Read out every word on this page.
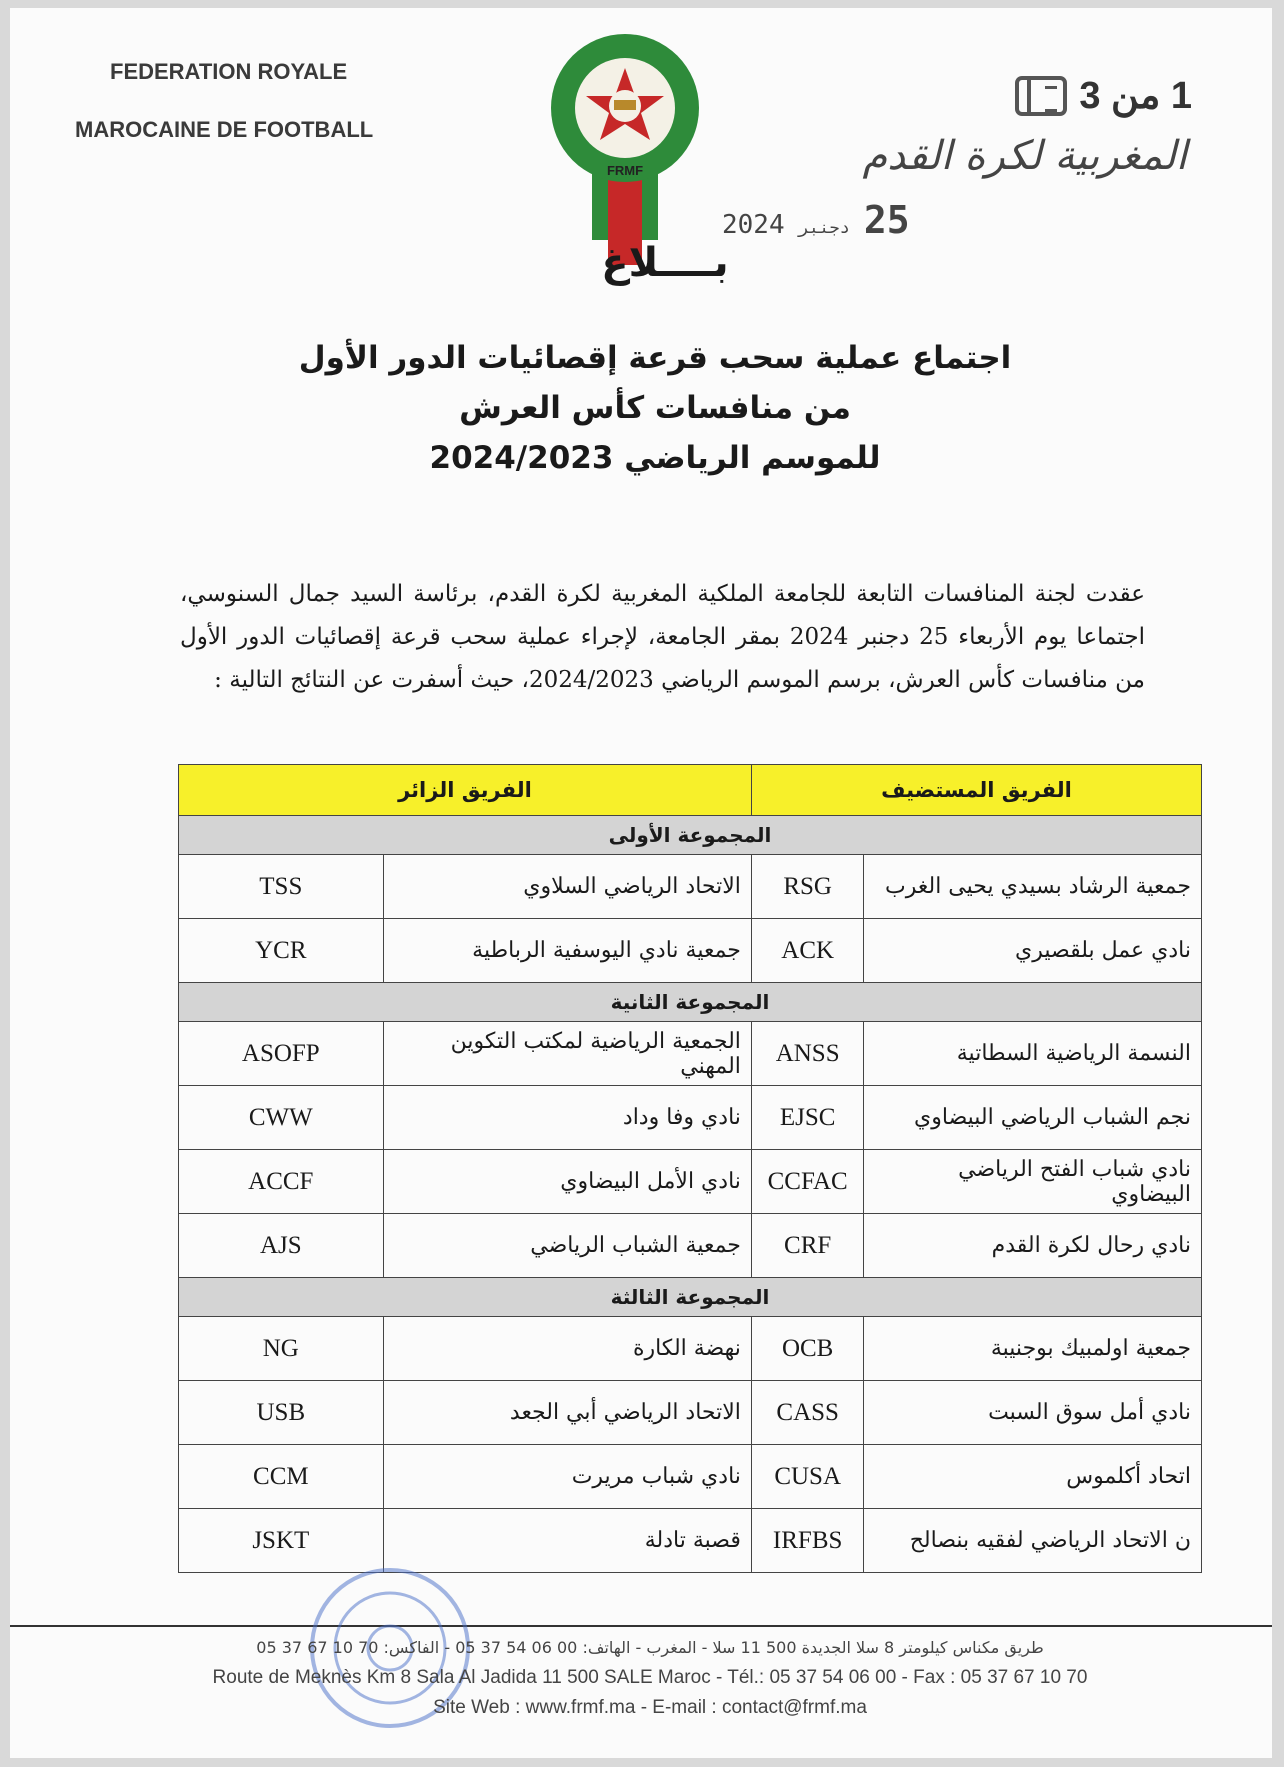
FEDERATION ROYALE
MAROCAINE DE FOOTBALL
FRMF
1 من 3
المغربية لكرة القدم
25
دجنبر
2024
بــــلاغ
اجتماع عملية سحب قرعة إقصائيات الدور الأول
من منافسات كأس العرش
للموسم الرياضي 2024/2023
عقدت لجنة المنافسات التابعة للجامعة الملكية المغربية لكرة القدم، برئاسة السيد جمال السنوسي، اجتماعا يوم الأربعاء 25 دجنبر 2024 بمقر الجامعة، لإجراء عملية سحب قرعة إقصائيات الدور الأول من منافسات كأس العرش، برسم الموسم الرياضي 2024/2023، حيث أسفرت عن النتائج التالية :
الفريق المستضيف		الفريق الزائر	
المجموعة الأولى			
جمعية الرشاد بسيدي يحيى الغرب	RSG	الاتحاد الرياضي السلاوي	TSS
نادي عمل بلقصيري	ACK	جمعية نادي اليوسفية الرباطية	YCR
المجموعة الثانية			
النسمة الرياضية السطاتية	ANSS	الجمعية الرياضية لمكتب التكوين المهني	ASOFP
نجم الشباب الرياضي البيضاوي	EJSC	نادي وفا وداد	CWW
نادي شباب الفتح الرياضي البيضاوي	CCFAC	نادي الأمل البيضاوي	ACCF
نادي رحال لكرة القدم	CRF	جمعية الشباب الرياضي	AJS
المجموعة الثالثة			
جمعية اولمبيك بوجنيبة	OCB	نهضة الكارة	NG
نادي أمل سوق السبت	CASS	الاتحاد الرياضي أبي الجعد	USB
اتحاد أكلموس	CUSA	نادي شباب مريرت	CCM
ن الاتحاد الرياضي لفقيه بنصالح	IRFBS	قصبة تادلة	JSKT
طريق مكناس كيلومتر 8 سلا الجديدة 500 11 سلا - المغرب - الهاتف: 00 06 54 37 05 - الفاكس: 70 10 67 37 05
Route de Meknès Km 8 Sala Al Jadida 11 500 SALE Maroc - Tél.: 05 37 54 06 00 - Fax : 05 37 67 10 70
Site Web : www.frmf.ma - E-mail : contact@frmf.ma
